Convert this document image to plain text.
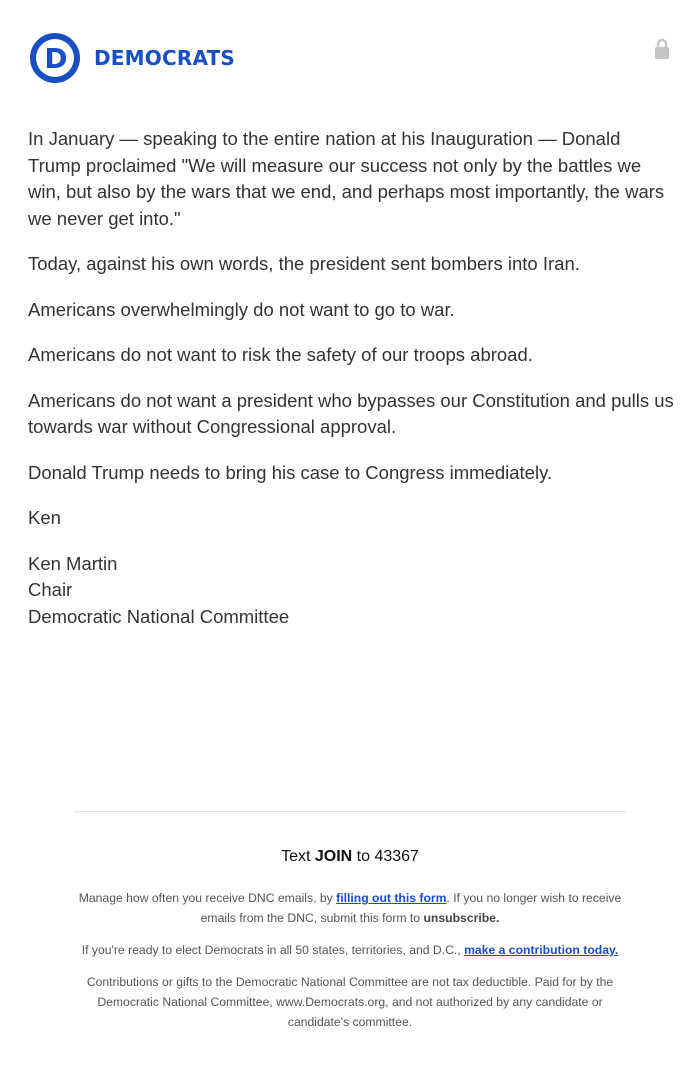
D	DEMOCRATS

In January — speaking to the entire nation at his Inauguration — Donald Trump proclaimed "We will measure our success not only by the battles we win, but also by the wars that we end, and perhaps most importantly, the wars we never get into."

Today, against his own words, the president sent bombers into Iran.

Americans overwhelmingly do not want to go to war.

Americans do not want to risk the safety of our troops abroad.

Americans do not want a president who bypasses our Constitution and pulls us towards war without Congressional approval.

Donald Trump needs to bring his case to Congress immediately.

Ken

Ken Martin

Chair

Democratic National Committee

Text JOIN to 43367

Manage how often you receive DNC emails, by filling out this form. If you no longer wish to receive emails from the DNC, submit this form to unsubscribe.

If you're ready to elect Democrats in all 50 states, territories, and D.C., make a contribution today.

Contributions or gifts to the Democratic National Committee are not tax deductible. Paid for by the Democratic National Committee, www.Democrats.org, and not authorized by any candidate or candidate's committee.
